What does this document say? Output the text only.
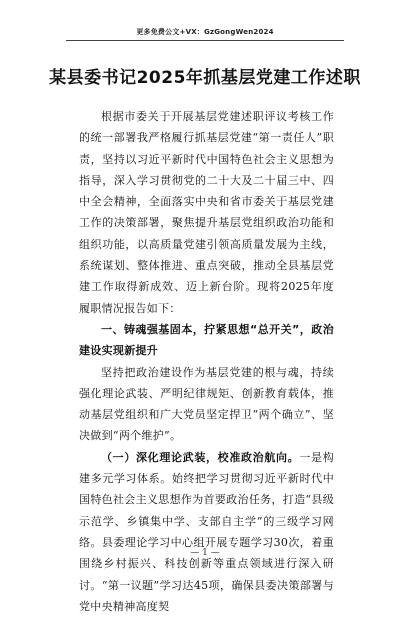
更多免费公文+VX：GzGongWen2024
某县委书记2025年抓基层党建工作述职

根据市委关于开展基层党建述职评议考核工作的统一部署我严格履行抓基层党建“第一责任人”职责，坚持以习近平新时代中国特色社会主义思想为指导，深入学习贯彻党的二十大及二十届三中、四中全会精神，全面落实中央和省市委关于基层党建工作的决策部署，聚焦提升基层党组织政治功能和组织功能，以高质量党建引领高质量发展为主线，系统谋划、整体推进、重点突破，推动全县基层党建工作取得新成效、迈上新台阶。现将2025年度履职情况报告如下：

一、铸魂强基固本，拧紧思想“总开关”，政治建设实现新提升

坚持把政治建设作为基层党建的根与魂，持续强化理论武装、严明纪律规矩、创新教育载体，推动基层党组织和广大党员坚定捍卫“两个确立”、坚决做到“两个维护”。

（一）深化理论武装，校准政治航向。一是构建多元学习体系。始终把学习贯彻习近平新时代中国特色社会主义思想作为首要政治任务，打造“县级示范学、乡镇集中学、支部自主学”的三级学习网络。县委理论学习中心组开展专题学习30次，着重围绕乡村振兴、科技创新等重点领域进行深入研讨。“第一议题”学习达45项，确保县委决策部署与党中央精神高度契

— 1 —
